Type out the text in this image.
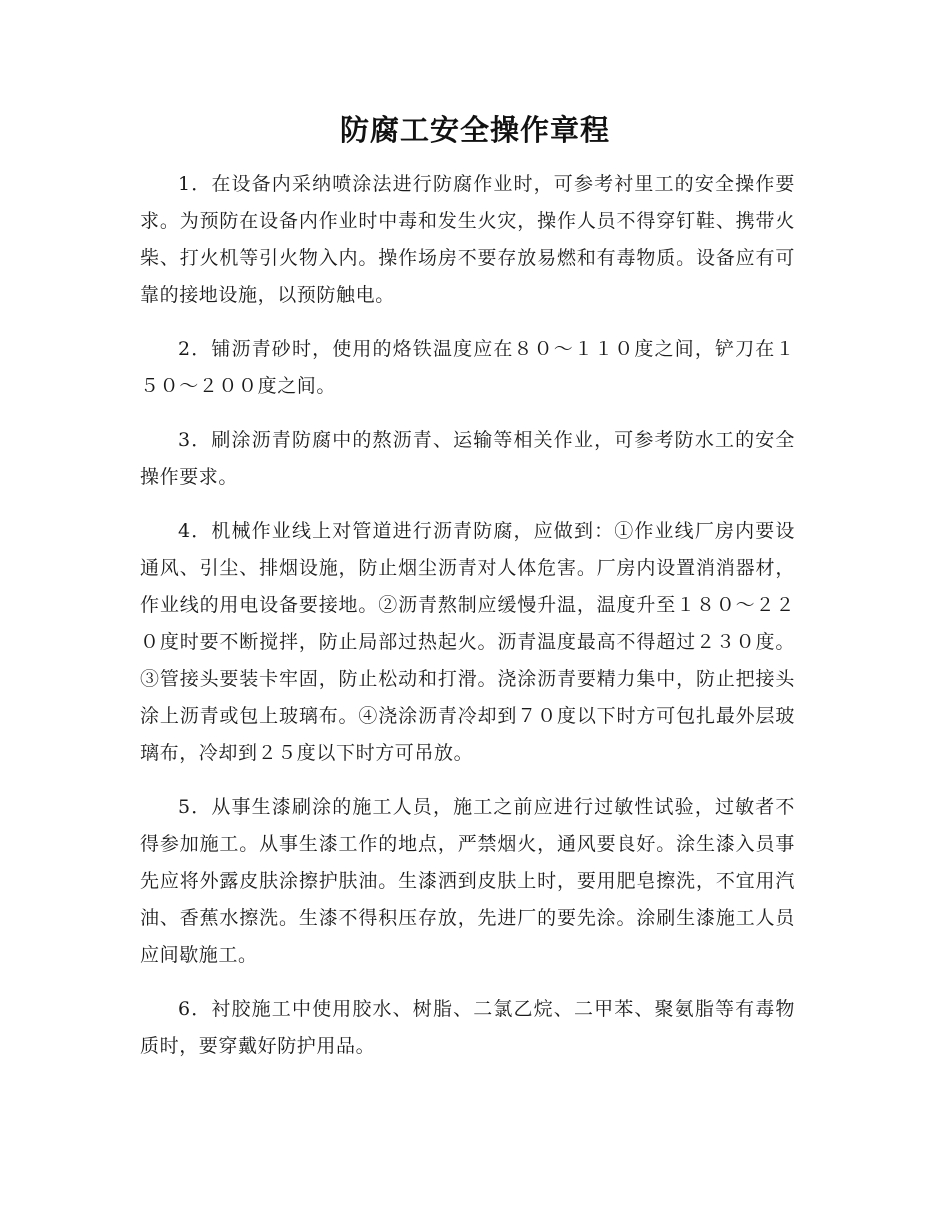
防腐工安全操作章程

1．在设备内采纳喷涂法进行防腐作业时，可参考衬里工的安全操作要求。为预防在设备内作业时中毒和发生火灾，操作人员不得穿钉鞋、携带火柴、打火机等引火物入内。操作场房不要存放易燃和有毒物质。设备应有可靠的接地设施，以预防触电。

2．铺沥青砂时，使用的烙铁温度应在８０～１１０度之间，铲刀在１５０～２００度之间。

3．刷涂沥青防腐中的熬沥青、运输等相关作业，可参考防水工的安全操作要求。

4．机械作业线上对管道进行沥青防腐，应做到：①作业线厂房内要设通风、引尘、排烟设施，防止烟尘沥青对人体危害。厂房内设置消消器材，作业线的用电设备要接地。②沥青熬制应缓慢升温，温度升至１８０～２２０度时要不断搅拌，防止局部过热起火。沥青温度最高不得超过２３０度。③管接头要装卡牢固，防止松动和打滑。浇涂沥青要精力集中，防止把接头涂上沥青或包上玻璃布。④浇涂沥青冷却到７０度以下时方可包扎最外层玻璃布，冷却到２５度以下时方可吊放。

5．从事生漆刷涂的施工人员，施工之前应进行过敏性试验，过敏者不得参加施工。从事生漆工作的地点，严禁烟火，通风要良好。涂生漆入员事先应将外露皮肤涂擦护肤油。生漆洒到皮肤上时，要用肥皂擦洗，不宜用汽油、香蕉水擦洗。生漆不得积压存放，先进厂的要先涂。涂刷生漆施工人员应间歇施工。

6．衬胶施工中使用胶水、树脂、二氯乙烷、二甲苯、聚氨脂等有毒物质时，要穿戴好防护用品。
